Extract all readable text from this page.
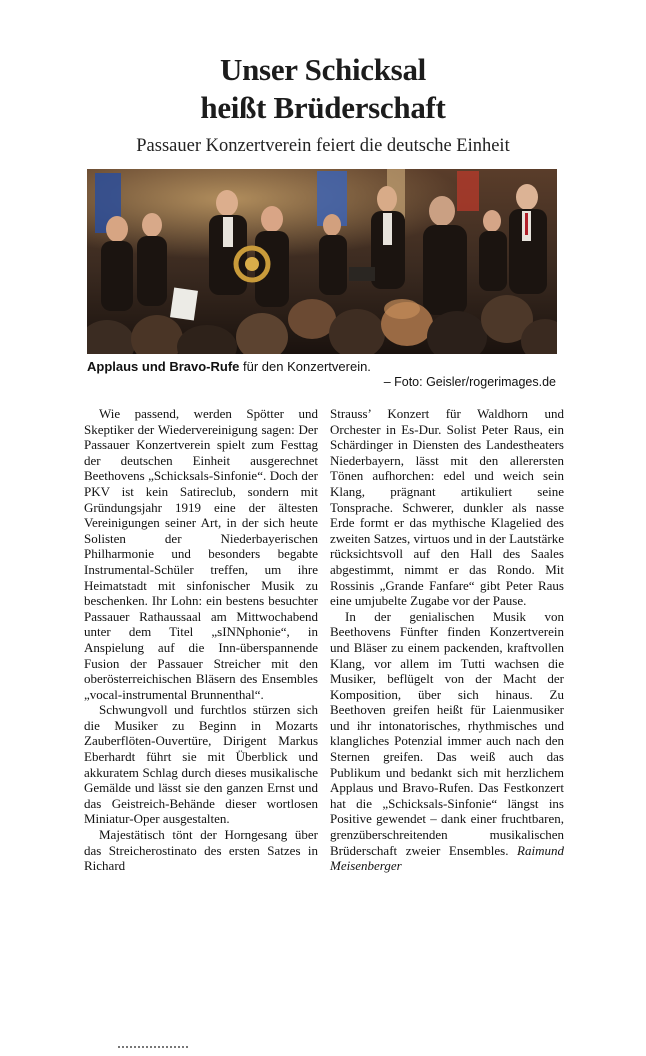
Unser Schicksal
heißt Brüderschaft
Passauer Konzertverein feiert die deutsche Einheit
Applaus und Bravo-Rufe für den Konzertverein.
– Foto: Geisler/rogerimages.de

Wie passend, werden Spötter und Skeptiker der Wiedervereinigung sagen: Der Passauer Konzertverein spielt zum Festtag der deutschen Einheit ausgerechnet Beethovens „Schicksals-Sinfonie“. Doch der PKV ist kein Satireclub, sondern mit Gründungsjahr 1919 eine der ältesten Vereinigungen seiner Art, in der sich heute Solisten der Niederbayerischen Philharmonie und besonders begabte Instrumental-Schüler treffen, um ihre Heimatstadt mit sinfonischer Musik zu beschenken. Ihr Lohn: ein bestens besuchter Passauer Rathaussaal am Mittwochabend unter dem Titel „sINNphonie“, in Anspielung auf die Inn-überspannende Fusion der Passauer Streicher mit den oberösterreichischen Bläsern des Ensembles „vocal-instrumental Brunnenthal“.

Schwungvoll und furchtlos stürzen sich die Musiker zu Beginn in Mozarts Zauberflöten-Ouvertüre, Dirigent Markus Eberhardt führt sie mit Überblick und akkuratem Schlag durch dieses musikalische Gemälde und lässt sie den ganzen Ernst und das Geistreich-Behände dieser wortlosen Miniatur-Oper ausgestalten.

Majestätisch tönt der Horngesang über das Streicherostinato des ersten Satzes in Richard

Strauss’ Konzert für Waldhorn und Orchester in Es-Dur. Solist Peter Raus, ein Schärdinger in Diensten des Landestheaters Niederbayern, lässt mit den allerersten Tönen aufhorchen: edel und weich sein Klang, prägnant artikuliert seine Tonsprache. Schwerer, dunkler als nasse Erde formt er das mythische Klagelied des zweiten Satzes, virtuos und in der Lautstärke rücksichtsvoll auf den Hall des Saales abgestimmt, nimmt er das Rondo. Mit Rossinis „Grande Fanfare“ gibt Peter Raus eine umjubelte Zugabe vor der Pause.

In der genialischen Musik von Beethovens Fünfter finden Konzertverein und Bläser zu einem packenden, kraftvollen Klang, vor allem im Tutti wachsen die Musiker, beflügelt von der Macht der Komposition, über sich hinaus. Zu Beethoven greifen heißt für Laienmusiker und ihr intonatorisches, rhythmisches und klangliches Potenzial immer auch nach den Sternen greifen. Das weiß auch das Publikum und bedankt sich mit herzlichem Applaus und Bravo-Rufen. Das Festkonzert hat die „Schicksals-Sinfonie“ längst ins Positive gewendet – dank einer fruchtbaren, grenzüberschreitenden musikalischen Brüderschaft zweier Ensembles. Raimund Meisenberger
